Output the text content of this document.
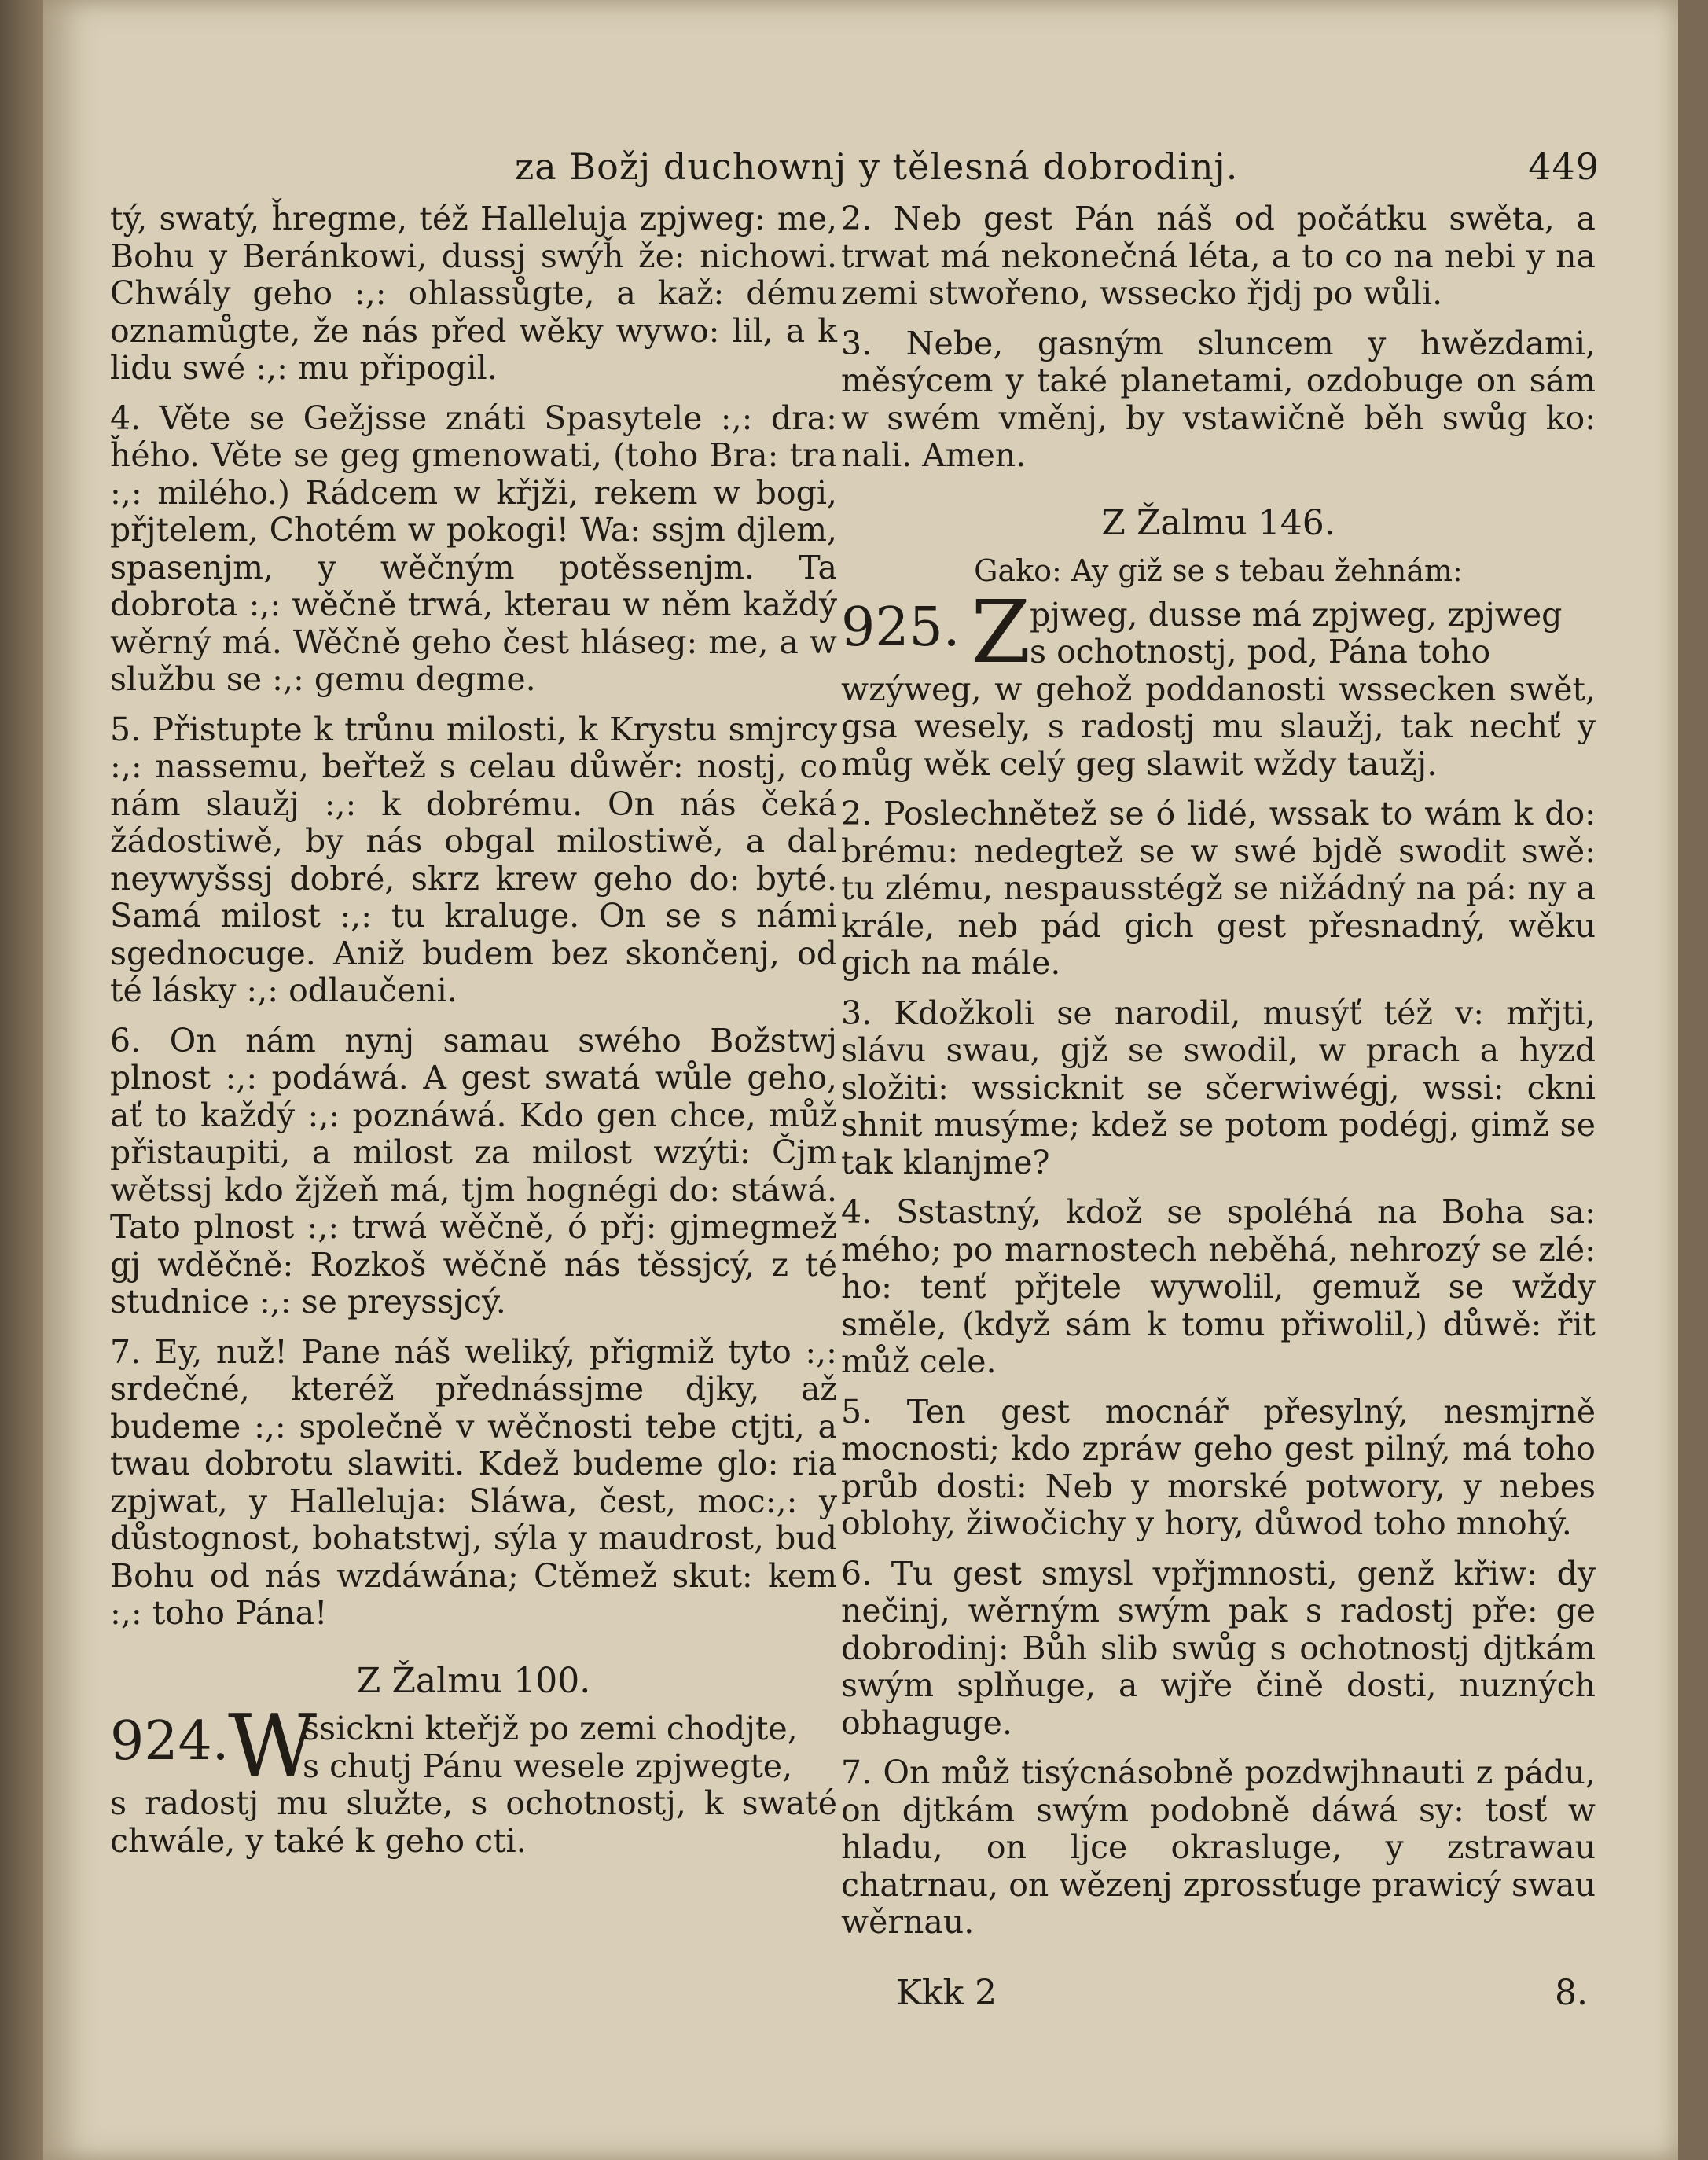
za Božj duchownj y tělesná dobrodinj.	449

tý, swatý, ȟregme, též Halleluja zpjweg: me, Bohu y Beránkowi, dussj swýȟ že: nichowi. Chwály geho :,: ohlassůgte, a kaž: dému oznamůgte, že nás před wěky wywo: lil, a k lidu swé :,: mu připogil.

4. Věte se Gežjsse znáti Spasytele :,: dra: ȟého. Věte se geg gmenowati, (toho Bra: tra :,: milého.) Rádcem w křjži, rekem w bogi, přjtelem, Chotém w pokogi! Wa: ssjm djlem, spasenjm, y wěčným potěssenjm. Ta dobrota :,: wěčně trwá, kterau w něm každý wěrný má. Wěčně geho čest hláseg: me, a w službu se :,: gemu degme.

5. Přistupte k trůnu milosti, k Krystu smjrcy :,: nassemu, beřtež s celau důwěr: nostj, co nám slaužj :,: k dobrému. On nás čeká žádostiwě, by nás obgal milostiwě, a dal neywyšssj dobré, skrz krew geho do: byté. Samá milost :,: tu kraluge. On se s námi sgednocuge. Aniž budem bez skončenj, od té lásky :,: odlaučeni.

6. On nám nynj samau swého Božstwj plnost :,: podáwá. A gest swatá wůle geho, ať to každý :,: poznáwá. Kdo gen chce, můž přistaupiti, a milost za milost wzýti: Čjm wětssj kdo žjžeň má, tjm hognégi do: stáwá. Tato plnost :,: trwá wěčně, ó přj: gjmegmež gj wděčně: Rozkoš wěčně nás těssjcý, z té studnice :,: se preyssjcý.

7. Ey, nuž! Pane náš weliký, přigmiž tyto :,: srdečné, kteréž přednássjme djky, až budeme :,: společně v wěčnosti tebe ctjti, a twau dobrotu slawiti. Kdež budeme glo: ria zpjwat, y Halleluja: Sláwa, čest, moc:,: y důstognost, bohatstwj, sýla y maudrost, bud Bohu od nás wzdáwána; Ctěmež skut: kem :,: toho Pána!

Z Žalmu 100.
924.
W
ssickni kteřjž po zemi chodjte,
s chutj Pánu wesele zpjwegte,

s radostj mu služte, s ochotnostj, k swaté chwále, y také k geho cti.

2. Neb gest Pán náš od počátku swěta, a trwat má nekonečná léta, a to co na nebi y na zemi stwořeno, wssecko řjdj po wůli.

3. Nebe, gasným sluncem y hwězdami, měsýcem y také planetami, ozdobuge on sám w swém vměnj, by vstawičně běh swůg ko: nali. Amen.

Z Žalmu 146.
Gako: Ay giž se s tebau žehnám:
925. Z
pjweg, dusse má zpjweg, zpjweg
s ochotnostj, pod, Pána toho

wzýweg, w gehož poddanosti wssecken swět, gsa wesely, s radostj mu slaužj, tak nechť y můg wěk celý geg slawit wždy taužj.

2. Poslechnětež se ó lidé, wssak to wám k do: brému: nedegtež se w swé bjdě swodit swě: tu zlému, nespausstégž se nižádný na pá: ny a krále, neb pád gich gest přesnadný, wěku gich na mále.

3. Kdožkoli se narodil, musýť též v: mřjti, slávu swau, gjž se swodil, w prach a hyzd složiti: wssicknit se sčerwiwégj, wssi: ckni shnit musýme; kdež se potom podégj, gimž se tak klanjme?

4. Sstastný, kdož se spoléhá na Boha sa: mého; po marnostech neběhá, nehrozý se zlé: ho: tenť přjtele wywolil, gemuž se wždy směle, (když sám k tomu přiwolil,) důwě: řit můž cele.

5. Ten gest mocnář přesylný, nesmjrně mocnosti; kdo zpráw geho gest pilný, má toho průb dosti: Neb y morské potwory, y nebes oblohy, žiwočichy y hory, důwod toho mnohý.

6. Tu gest smysl vpřjmnosti, genž křiw: dy nečinj, wěrným swým pak s radostj pře: ge dobrodinj: Bůh slib swůg s ochotnostj djtkám swým splňuge, a wjře čině dosti, nuzných obhaguge.

7. On můž tisýcnásobně pozdwjhnauti z pádu, on djtkám swým podobně dáwá sy: tosť w hladu, on ljce okrasluge, y zstrawau chatrnau, on wězenj zprossťuge prawicý swau wěrnau.

Kkk 2	8.
